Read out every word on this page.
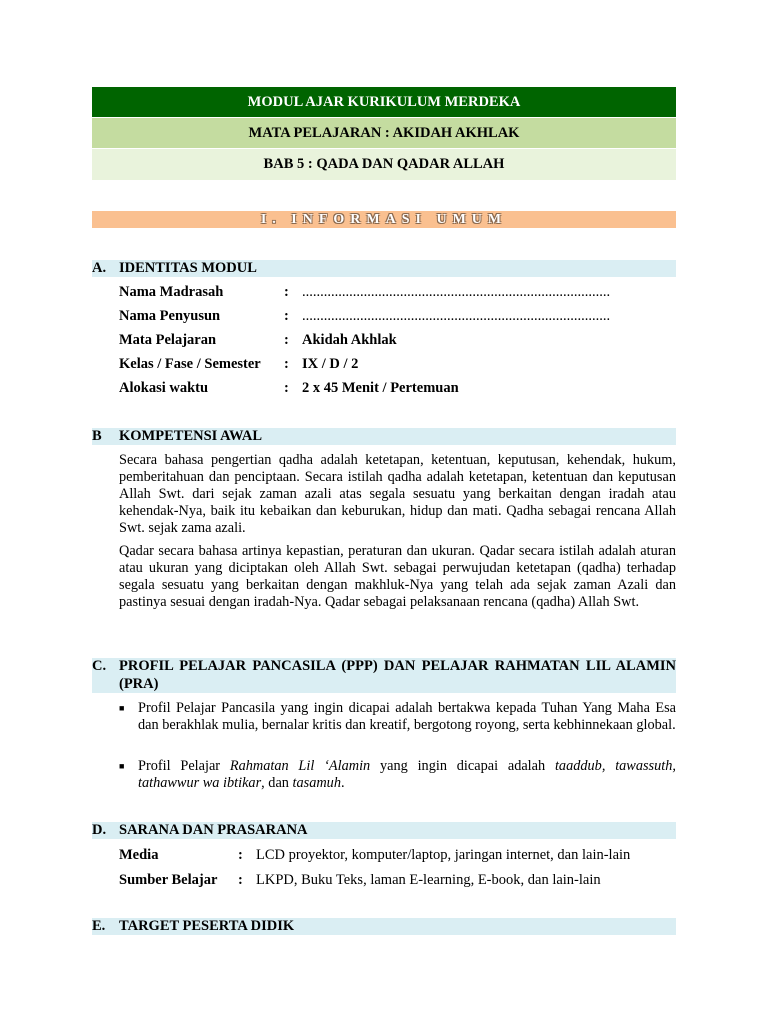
MODUL AJAR KURIKULUM MERDEKA
MATA PELAJARAN : AKIDAH AKHLAK
BAB 5 : QADA DAN QADAR ALLAH
I. INFORMASI UMUM
A. IDENTITAS MODUL
Nama Madrasah	: .....................................................................................
Nama Penyusun	: .....................................................................................
Mata Pelajaran	: Akidah Akhlak
Kelas / Fase / Semester : IX / D / 2
Alokasi waktu	: 2 x 45 Menit / Pertemuan
B KOMPETENSI AWAL

Secara bahasa pengertian qadha adalah ketetapan, ketentuan, keputusan, kehendak, hukum, pemberitahuan dan penciptaan. Secara istilah qadha adalah ketetapan, ketentuan dan keputusan Allah Swt. dari sejak zaman azali atas segala sesuatu yang berkaitan dengan iradah atau kehendak-Nya, baik itu kebaikan dan keburukan, hidup dan mati. Qadha sebagai rencana Allah Swt. sejak zama azali.

Qadar secara bahasa artinya kepastian, peraturan dan ukuran. Qadar secara istilah adalah aturan atau ukuran yang diciptakan oleh Allah Swt. sebagai perwujudan ketetapan (qadha) terhadap segala sesuatu yang berkaitan dengan makhluk-Nya yang telah ada sejak zaman Azali dan pastinya sesuai dengan iradah-Nya. Qadar sebagai pelaksanaan rencana (qadha) Allah Swt.

C. PROFIL PELAJAR PANCASILA (PPP) DAN PELAJAR RAHMATAN LIL ALAMIN (PRA)
■ Profil Pelajar Pancasila yang ingin dicapai adalah bertakwa kepada Tuhan Yang Maha Esa dan berakhlak mulia, bernalar kritis dan kreatif, bergotong royong, serta kebhinnekaan global.
■ Profil Pelajar Rahmatan Lil ‘Alamin yang ingin dicapai adalah taaddub, tawassuth, tathawwur wa ibtikar, dan tasamuh.
D. SARANA DAN PRASARANA
Media	: LCD proyektor, komputer/laptop, jaringan internet, dan lain-lain
Sumber Belajar : LKPD, Buku Teks, laman E-learning, E-book, dan lain-lain
E. TARGET PESERTA DIDIK
